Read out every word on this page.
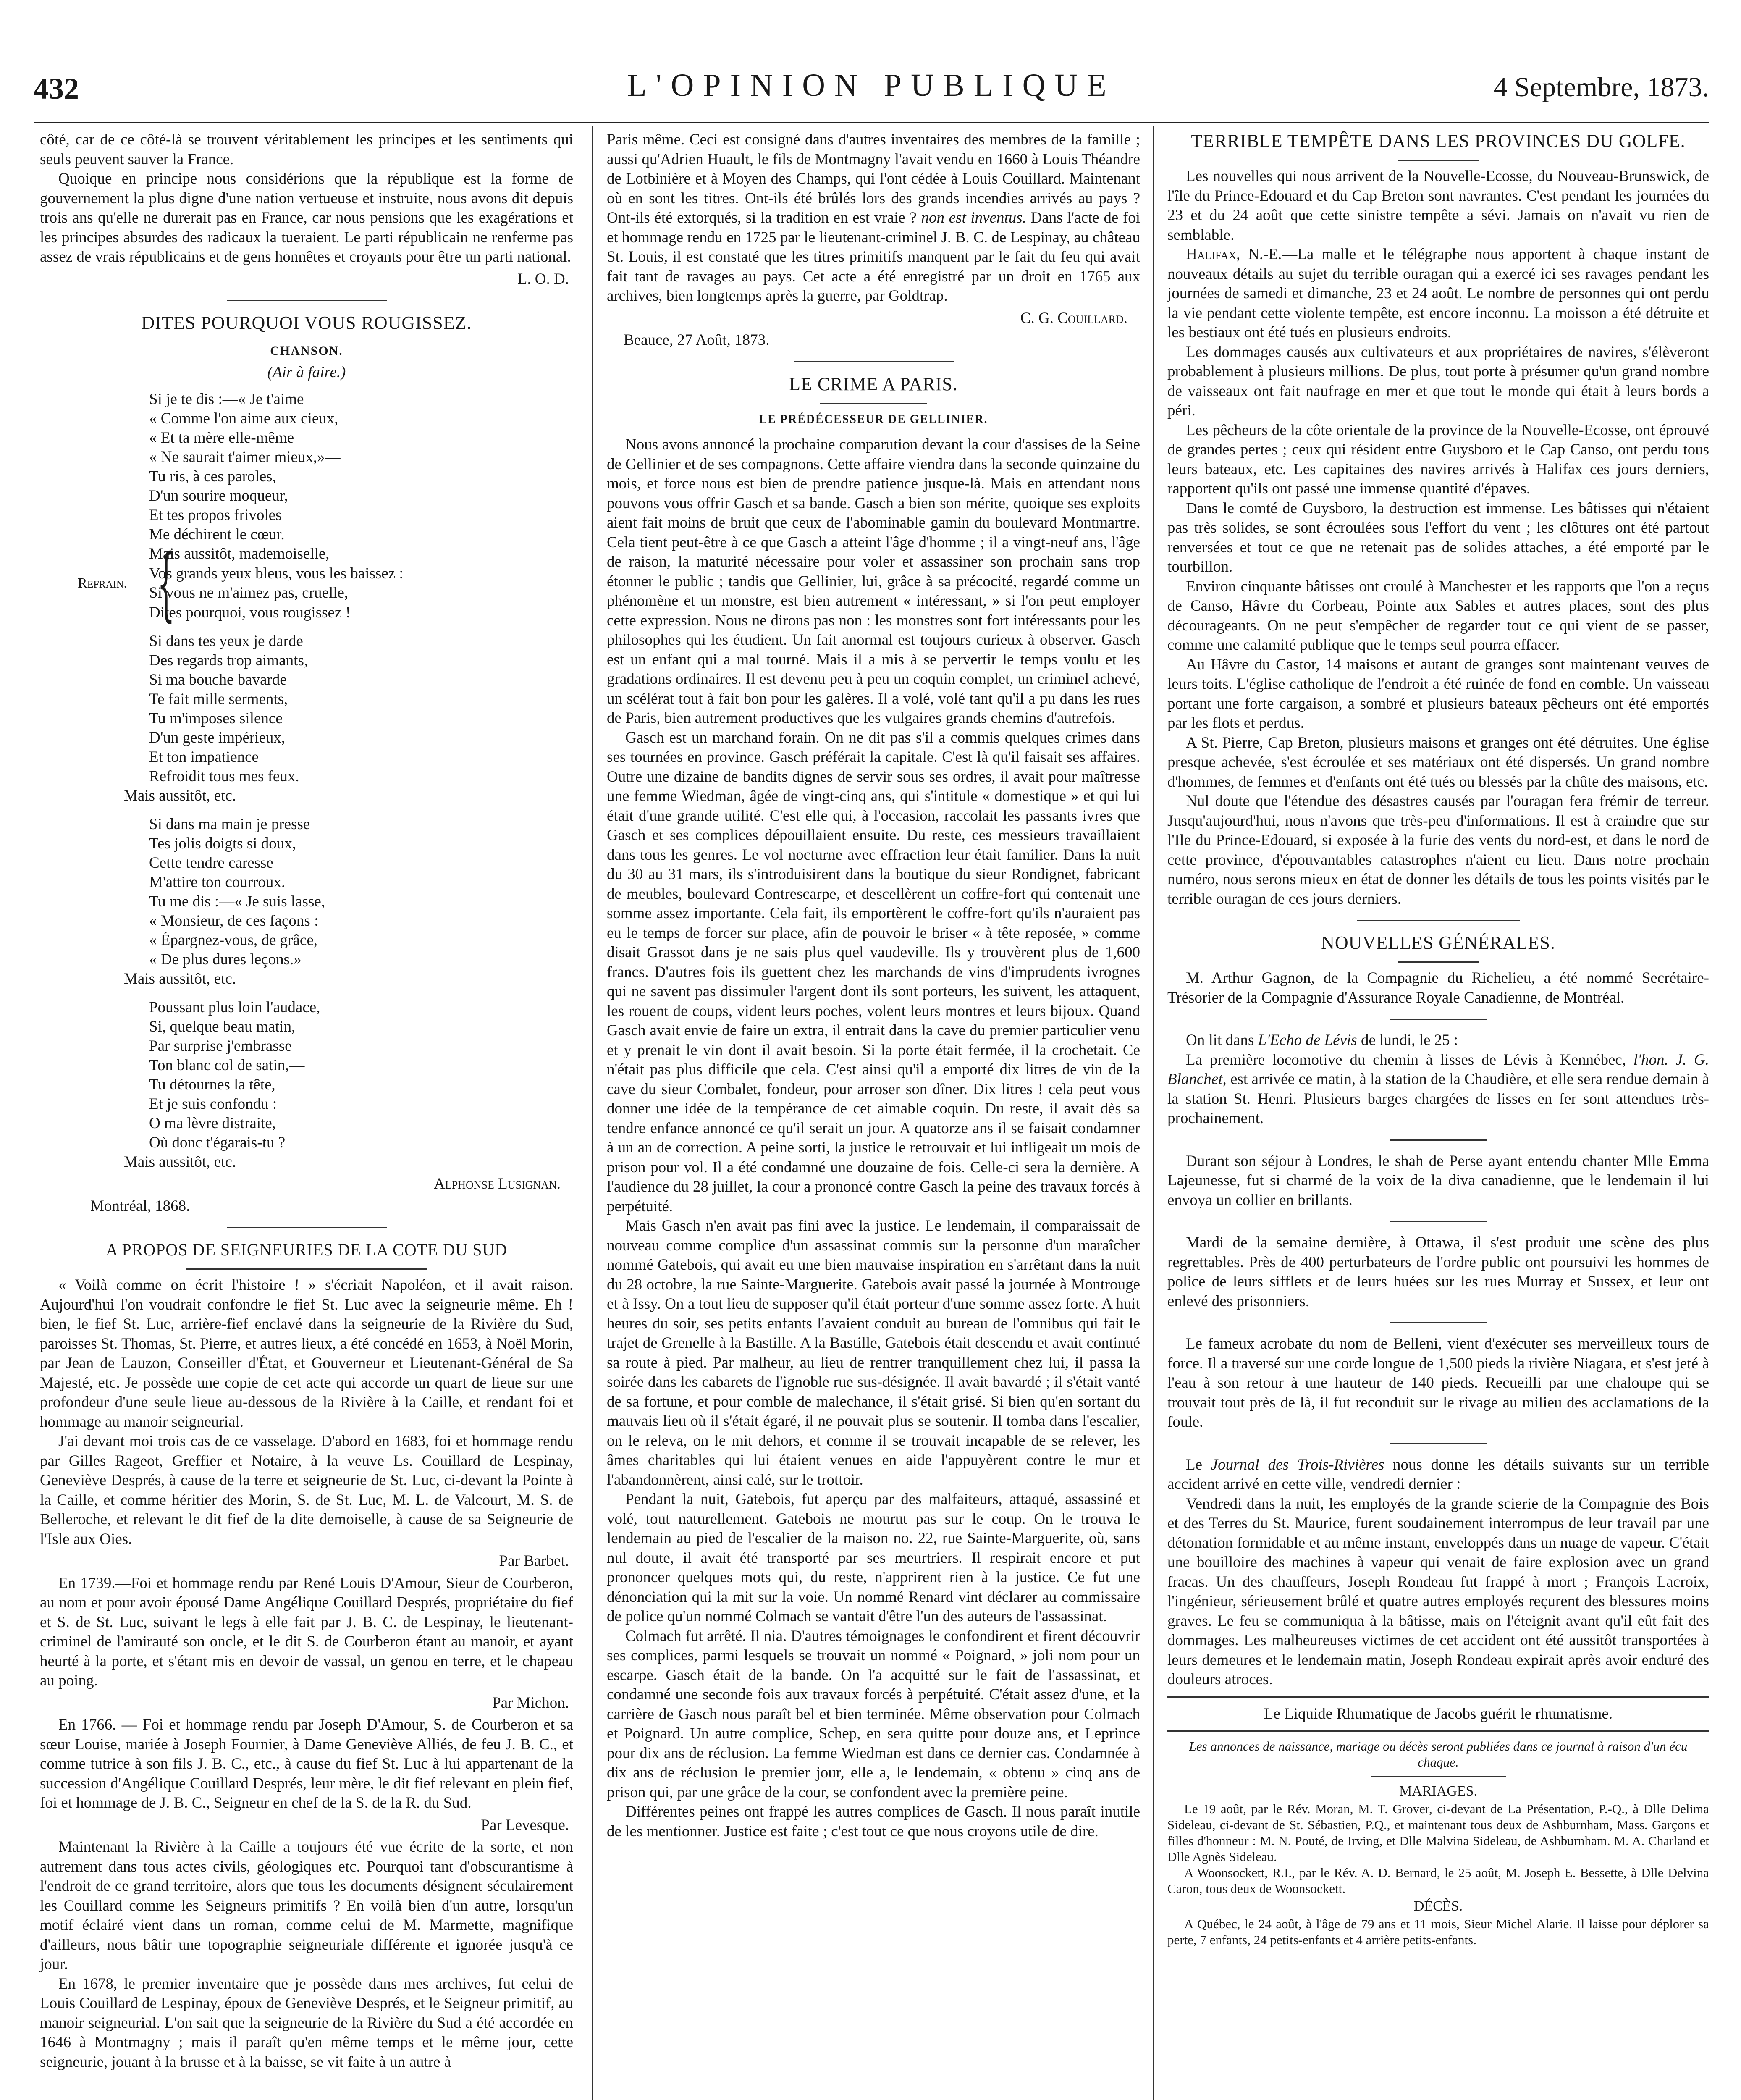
432	L'OPINION PUBLIQUE	4 Septembre, 1873.

côté, car de ce côté-là se trouvent véritablement les principes et les sentiments qui seuls peuvent sauver la France.

Quoique en principe nous considérions que la république est la forme de gouvernement la plus digne d'une nation vertueuse et instruite, nous avons dit depuis trois ans qu'elle ne durerait pas en France, car nous pensions que les exagérations et les principes absurdes des radicaux la tueraient. Le parti républicain ne renferme pas assez de vrais républicains et de gens honnêtes et croyants pour être un parti national.

L. O. D.
DITES POURQUOI VOUS ROUGISSEZ.
CHANSON.
(Air à faire.)
Si je te dis :—« Je t'aime
« Comme l'on aime aux cieux,
« Et ta mère elle-même
« Ne saurait t'aimer mieux,»—
Tu ris, à ces paroles,
D'un sourire moqueur,
Et tes propos frivoles
Me déchirent le cœur.
Refrain. {
Mais aussitôt, mademoiselle,
Vos grands yeux bleus, vous les baissez :
Si vous ne m'aimez pas, cruelle,
Dites pourquoi, vous rougissez !
Si dans tes yeux je darde
Des regards trop aimants,
Si ma bouche bavarde
Te fait mille serments,
Tu m'imposes silence
D'un geste impérieux,
Et ton impatience
Refroidit tous mes feux.
Mais aussitôt, etc.
Si dans ma main je presse
Tes jolis doigts si doux,
Cette tendre caresse
M'attire ton courroux.
Tu me dis :—« Je suis lasse,
« Monsieur, de ces façons :
« Épargnez-vous, de grâce,
« De plus dures leçons.»
Mais aussitôt, etc.
Poussant plus loin l'audace,
Si, quelque beau matin,
Par surprise j'embrasse
Ton blanc col de satin,—
Tu détournes la tête,
Et je suis confondu :
O ma lèvre distraite,
Où donc t'égarais-tu ?
Mais aussitôt, etc.
Alphonse Lusignan.
Montréal, 1868.
A PROPOS DE SEIGNEURIES DE LA COTE DU SUD

« Voilà comme on écrit l'histoire ! » s'écriait Napoléon, et il avait raison. Aujourd'hui l'on voudrait confondre le fief St. Luc avec la seigneurie même. Eh ! bien, le fief St. Luc, arrière-fief enclavé dans la seigneurie de la Rivière du Sud, paroisses St. Thomas, St. Pierre, et autres lieux, a été concédé en 1653, à Noël Morin, par Jean de Lauzon, Conseiller d'État, et Gouverneur et Lieutenant-Général de Sa Majesté, etc. Je possède une copie de cet acte qui accorde un quart de lieue sur une profondeur d'une seule lieue au-dessous de la Rivière à la Caille, et rendant foi et hommage au manoir seigneurial.

J'ai devant moi trois cas de ce vasselage. D'abord en 1683, foi et hommage rendu par Gilles Rageot, Greffier et Notaire, à la veuve Ls. Couillard de Lespinay, Geneviève Després, à cause de la terre et seigneurie de St. Luc, ci-devant la Pointe à la Caille, et comme héritier des Morin, S. de St. Luc, M. L. de Valcourt, M. S. de Belleroche, et relevant le dit fief de la dite demoiselle, à cause de sa Seigneurie de l'Isle aux Oies.

Par Barbet.

En 1739.—Foi et hommage rendu par René Louis D'Amour, Sieur de Courberon, au nom et pour avoir épousé Dame Angélique Couillard Després, propriétaire du fief et S. de St. Luc, suivant le legs à elle fait par J. B. C. de Lespinay, le lieutenant-criminel de l'amirauté son oncle, et le dit S. de Courberon étant au manoir, et ayant heurté à la porte, et s'étant mis en devoir de vassal, un genou en terre, et le chapeau au poing.

Par Michon.

En 1766. — Foi et hommage rendu par Joseph D'Amour, S. de Courberon et sa sœur Louise, mariée à Joseph Fournier, à Dame Geneviève Alliés, de feu J. B. C., et comme tutrice à son fils J. B. C., etc., à cause du fief St. Luc à lui appartenant de la succession d'Angélique Couillard Després, leur mère, le dit fief relevant en plein fief, foi et hommage de J. B. C., Seigneur en chef de la S. de la R. du Sud.

Par Levesque.

Maintenant la Rivière à la Caille a toujours été vue écrite de la sorte, et non autrement dans tous actes civils, géologiques etc. Pourquoi tant d'obscurantisme à l'endroit de ce grand territoire, alors que tous les documents désignent séculairement les Couillard comme les Seigneurs primitifs ? En voilà bien d'un autre, lorsqu'un motif éclairé vient dans un roman, comme celui de M. Marmette, magnifique d'ailleurs, nous bâtir une topographie seigneuriale différente et ignorée jusqu'à ce jour.

En 1678, le premier inventaire que je possède dans mes archives, fut celui de Louis Couillard de Lespinay, époux de Geneviève Després, et le Seigneur primitif, au manoir seigneurial. L'on sait que la seigneurie de la Rivière du Sud a été accordée en 1646 à Montmagny ; mais il paraît qu'en même temps et le même jour, cette seigneurie, jouant à la brusse et à la baisse, se vit faite à un autre à

Paris même. Ceci est consigné dans d'autres inventaires des membres de la famille ; aussi qu'Adrien Huault, le fils de Montmagny l'avait vendu en 1660 à Louis Théandre de Lotbinière et à Moyen des Champs, qui l'ont cédée à Louis Couillard. Maintenant où en sont les titres. Ont-ils été brûlés lors des grands incendies arrivés au pays ? Ont-ils été extorqués, si la tradition en est vraie ? non est inventus. Dans l'acte de foi et hommage rendu en 1725 par le lieutenant-criminel J. B. C. de Lespinay, au château St. Louis, il est constaté que les titres primitifs manquent par le fait du feu qui avait fait tant de ravages au pays. Cet acte a été enregistré par un droit en 1765 aux archives, bien longtemps après la guerre, par Goldtrap.

C. G. Couillard.
Beauce, 27 Août, 1873.
LE CRIME A PARIS.
LE PRÉDÉCESSEUR DE GELLINIER.

Nous avons annoncé la prochaine comparution devant la cour d'assises de la Seine de Gellinier et de ses compagnons. Cette affaire viendra dans la seconde quinzaine du mois, et force nous est bien de prendre patience jusque-là. Mais en attendant nous pouvons vous offrir Gasch et sa bande. Gasch a bien son mérite, quoique ses exploits aient fait moins de bruit que ceux de l'abominable gamin du boulevard Montmartre. Cela tient peut-être à ce que Gasch a atteint l'âge d'homme ; il a vingt-neuf ans, l'âge de raison, la maturité nécessaire pour voler et assassiner son prochain sans trop étonner le public ; tandis que Gellinier, lui, grâce à sa précocité, regardé comme un phénomène et un monstre, est bien autrement « intéressant, » si l'on peut employer cette expression. Nous ne dirons pas non : les monstres sont fort intéressants pour les philosophes qui les étudient. Un fait anormal est toujours curieux à observer. Gasch est un enfant qui a mal tourné. Mais il a mis à se pervertir le temps voulu et les gradations ordinaires. Il est devenu peu à peu un coquin complet, un criminel achevé, un scélérat tout à fait bon pour les galères. Il a volé, volé tant qu'il a pu dans les rues de Paris, bien autrement productives que les vulgaires grands chemins d'autrefois.

Gasch est un marchand forain. On ne dit pas s'il a commis quelques crimes dans ses tournées en province. Gasch préférait la capitale. C'est là qu'il faisait ses affaires. Outre une dizaine de bandits dignes de servir sous ses ordres, il avait pour maîtresse une femme Wiedman, âgée de vingt-cinq ans, qui s'intitule « domestique » et qui lui était d'une grande utilité. C'est elle qui, à l'occasion, raccolait les passants ivres que Gasch et ses complices dépouillaient ensuite. Du reste, ces messieurs travaillaient dans tous les genres. Le vol nocturne avec effraction leur était familier. Dans la nuit du 30 au 31 mars, ils s'introduisirent dans la boutique du sieur Rondignet, fabricant de meubles, boulevard Contrescarpe, et descellèrent un coffre-fort qui contenait une somme assez importante. Cela fait, ils emportèrent le coffre-fort qu'ils n'auraient pas eu le temps de forcer sur place, afin de pouvoir le briser « à tête reposée, » comme disait Grassot dans je ne sais plus quel vaudeville. Ils y trouvèrent plus de 1,600 francs. D'autres fois ils guettent chez les marchands de vins d'imprudents ivrognes qui ne savent pas dissimuler l'argent dont ils sont porteurs, les suivent, les attaquent, les rouent de coups, vident leurs poches, volent leurs montres et leurs bijoux. Quand Gasch avait envie de faire un extra, il entrait dans la cave du premier particulier venu et y prenait le vin dont il avait besoin. Si la porte était fermée, il la crochetait. Ce n'était pas plus difficile que cela. C'est ainsi qu'il a emporté dix litres de vin de la cave du sieur Combalet, fondeur, pour arroser son dîner. Dix litres ! cela peut vous donner une idée de la tempérance de cet aimable coquin. Du reste, il avait dès sa tendre enfance annoncé ce qu'il serait un jour. A quatorze ans il se faisait condamner à un an de correction. A peine sorti, la justice le retrouvait et lui infligeait un mois de prison pour vol. Il a été condamné une douzaine de fois. Celle-ci sera la dernière. A l'audience du 28 juillet, la cour a prononcé contre Gasch la peine des travaux forcés à perpétuité.

Mais Gasch n'en avait pas fini avec la justice. Le lendemain, il comparaissait de nouveau comme complice d'un assassinat commis sur la personne d'un maraîcher nommé Gatebois, qui avait eu une bien mauvaise inspiration en s'arrêtant dans la nuit du 28 octobre, la rue Sainte-Marguerite. Gatebois avait passé la journée à Montrouge et à Issy. On a tout lieu de supposer qu'il était porteur d'une somme assez forte. A huit heures du soir, ses petits enfants l'avaient conduit au bureau de l'omnibus qui fait le trajet de Grenelle à la Bastille. A la Bastille, Gatebois était descendu et avait continué sa route à pied. Par malheur, au lieu de rentrer tranquillement chez lui, il passa la soirée dans les cabarets de l'ignoble rue sus-désignée. Il avait bavardé ; il s'était vanté de sa fortune, et pour comble de malechance, il s'était grisé. Si bien qu'en sortant du mauvais lieu où il s'était égaré, il ne pouvait plus se soutenir. Il tomba dans l'escalier, on le releva, on le mit dehors, et comme il se trouvait incapable de se relever, les âmes charitables qui lui étaient venues en aide l'appuyèrent contre le mur et l'abandonnèrent, ainsi calé, sur le trottoir.

Pendant la nuit, Gatebois, fut aperçu par des malfaiteurs, attaqué, assassiné et volé, tout naturellement. Gatebois ne mourut pas sur le coup. On le trouva le lendemain au pied de l'escalier de la maison no. 22, rue Sainte-Marguerite, où, sans nul doute, il avait été transporté par ses meurtriers. Il respirait encore et put prononcer quelques mots qui, du reste, n'apprirent rien à la justice. Ce fut une dénonciation qui la mit sur la voie. Un nommé Renard vint déclarer au commissaire de police qu'un nommé Colmach se vantait d'être l'un des auteurs de l'assassinat.

Colmach fut arrêté. Il nia. D'autres témoignages le confondirent et firent découvrir ses complices, parmi lesquels se trouvait un nommé « Poignard, » joli nom pour un escarpe. Gasch était de la bande. On l'a acquitté sur le fait de l'assassinat, et condamné une seconde fois aux travaux forcés à perpétuité. C'était assez d'une, et la carrière de Gasch nous paraît bel et bien terminée. Même observation pour Colmach et Poignard. Un autre complice, Schep, en sera quitte pour douze ans, et Leprince pour dix ans de réclusion. La femme Wiedman est dans ce dernier cas. Condamnée à dix ans de réclusion le premier jour, elle a, le lendemain, « obtenu » cinq ans de prison qui, par une grâce de la cour, se confondent avec la première peine.

Différentes peines ont frappé les autres complices de Gasch. Il nous paraît inutile de les mentionner. Justice est faite ; c'est tout ce que nous croyons utile de dire.

TERRIBLE TEMPÊTE DANS LES PROVINCES DU GOLFE.

Les nouvelles qui nous arrivent de la Nouvelle-Ecosse, du Nouveau-Brunswick, de l'île du Prince-Edouard et du Cap Breton sont navrantes. C'est pendant les journées du 23 et du 24 août que cette sinistre tempête a sévi. Jamais on n'avait vu rien de semblable.

Halifax, N.-E.—La malle et le télégraphe nous apportent à chaque instant de nouveaux détails au sujet du terrible ouragan qui a exercé ici ses ravages pendant les journées de samedi et dimanche, 23 et 24 août. Le nombre de personnes qui ont perdu la vie pendant cette violente tempête, est encore inconnu. La moisson a été détruite et les bestiaux ont été tués en plusieurs endroits.

Les dommages causés aux cultivateurs et aux propriétaires de navires, s'élèveront probablement à plusieurs millions. De plus, tout porte à présumer qu'un grand nombre de vaisseaux ont fait naufrage en mer et que tout le monde qui était à leurs bords a péri.

Les pêcheurs de la côte orientale de la province de la Nouvelle-Ecosse, ont éprouvé de grandes pertes ; ceux qui résident entre Guysboro et le Cap Canso, ont perdu tous leurs bateaux, etc. Les capitaines des navires arrivés à Halifax ces jours derniers, rapportent qu'ils ont passé une immense quantité d'épaves.

Dans le comté de Guysboro, la destruction est immense. Les bâtisses qui n'étaient pas très solides, se sont écroulées sous l'effort du vent ; les clôtures ont été partout renversées et tout ce que ne retenait pas de solides attaches, a été emporté par le tourbillon.

Environ cinquante bâtisses ont croulé à Manchester et les rapports que l'on a reçus de Canso, Hâvre du Corbeau, Pointe aux Sables et autres places, sont des plus décourageants. On ne peut s'empêcher de regarder tout ce qui vient de se passer, comme une calamité publique que le temps seul pourra effacer.

Au Hâvre du Castor, 14 maisons et autant de granges sont maintenant veuves de leurs toits. L'église catholique de l'endroit a été ruinée de fond en comble. Un vaisseau portant une forte cargaison, a sombré et plusieurs bateaux pêcheurs ont été emportés par les flots et perdus.

A St. Pierre, Cap Breton, plusieurs maisons et granges ont été détruites. Une église presque achevée, s'est écroulée et ses matériaux ont été dispersés. Un grand nombre d'hommes, de femmes et d'enfants ont été tués ou blessés par la chûte des maisons, etc.

Nul doute que l'étendue des désastres causés par l'ouragan fera frémir de terreur. Jusqu'aujourd'hui, nous n'avons que très-peu d'informations. Il est à craindre que sur l'Ile du Prince-Edouard, si exposée à la furie des vents du nord-est, et dans le nord de cette province, d'épouvantables catastrophes n'aient eu lieu. Dans notre prochain numéro, nous serons mieux en état de donner les détails de tous les points visités par le terrible ouragan de ces jours derniers.

NOUVELLES GÉNÉRALES.

M. Arthur Gagnon, de la Compagnie du Richelieu, a été nommé Secrétaire-Trésorier de la Compagnie d'Assurance Royale Canadienne, de Montréal.

On lit dans L'Echo de Lévis de lundi, le 25 :

La première locomotive du chemin à lisses de Lévis à Kennébec, l'hon. J. G. Blanchet, est arrivée ce matin, à la station de la Chaudière, et elle sera rendue demain à la station St. Henri. Plusieurs barges chargées de lisses en fer sont attendues très-prochainement.

Durant son séjour à Londres, le shah de Perse ayant entendu chanter Mlle Emma Lajeunesse, fut si charmé de la voix de la diva canadienne, que le lendemain il lui envoya un collier en brillants.

Mardi de la semaine dernière, à Ottawa, il s'est produit une scène des plus regrettables. Près de 400 perturbateurs de l'ordre public ont poursuivi les hommes de police de leurs sifflets et de leurs huées sur les rues Murray et Sussex, et leur ont enlevé des prisonniers.

Le fameux acrobate du nom de Belleni, vient d'exécuter ses merveilleux tours de force. Il a traversé sur une corde longue de 1,500 pieds la rivière Niagara, et s'est jeté à l'eau à son retour à une hauteur de 140 pieds. Recueilli par une chaloupe qui se trouvait tout près de là, il fut reconduit sur le rivage au milieu des acclamations de la foule.

Le Journal des Trois-Rivières nous donne les détails suivants sur un terrible accident arrivé en cette ville, vendredi dernier :

Vendredi dans la nuit, les employés de la grande scierie de la Compagnie des Bois et des Terres du St. Maurice, furent soudainement interrompus de leur travail par une détonation formidable et au même instant, enveloppés dans un nuage de vapeur. C'était une bouilloire des machines à vapeur qui venait de faire explosion avec un grand fracas. Un des chauffeurs, Joseph Rondeau fut frappé à mort ; François Lacroix, l'ingénieur, sérieusement brûlé et quatre autres employés reçurent des blessures moins graves. Le feu se communiqua à la bâtisse, mais on l'éteignit avant qu'il eût fait des dommages. Les malheureuses victimes de cet accident ont été aussitôt transportées à leurs demeures et le lendemain matin, Joseph Rondeau expirait après avoir enduré des douleurs atroces.

Le Liquide Rhumatique de Jacobs guérit le rhumatisme.
Les annonces de naissance, mariage ou décès seront publiées dans ce journal à raison d'un écu chaque.
MARIAGES.

Le 19 août, par le Rév. Moran, M. T. Grover, ci-devant de La Présentation, P.-Q., à Dlle Delima Sideleau, ci-devant de St. Sébastien, P.Q., et maintenant tous deux de Ashburnham, Mass. Garçons et filles d'honneur : M. N. Pouté, de Irving, et Dlle Malvina Sideleau, de Ashburnham. M. A. Charland et Dlle Agnès Sideleau.

A Woonsockett, R.I., par le Rév. A. D. Bernard, le 25 août, M. Joseph E. Bessette, à Dlle Delvina Caron, tous deux de Woonsockett.

DÉCÈS.

A Québec, le 24 août, à l'âge de 79 ans et 11 mois, Sieur Michel Alarie. Il laisse pour déplorer sa perte, 7 enfants, 24 petits-enfants et 4 arrière petits-enfants.
